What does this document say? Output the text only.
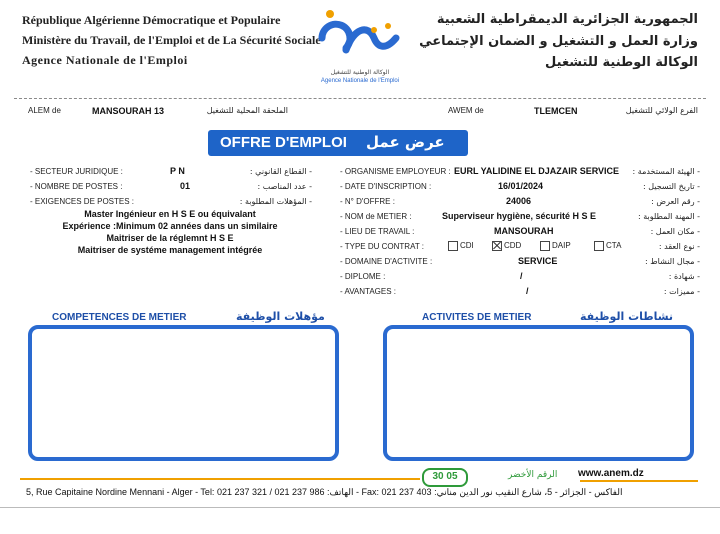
République Algérienne Démocratique et Populaire
Ministère du Travail, de l'Emploi et de La Sécurité Sociale
Agence Nationale de l'Emploi
الجمهورية الجزائرية الديمقراطية الشعبية
وزارة العمل و التشغيل و الضمان الإجتماعي
الوكالة الوطنية للتشغيل
الوكالة الوطنية للتشغيل
Agence Nationale de l'Emploi
ALEM de	MANSOURAH 13	الملحقة المحلية للتشغيل	AWEM de	TLEMCEN	الفرع الولائي للتشغيل
OFFRE D'EMPLOI عرض عمل
- SECTEUR JURIDIQUE :	P N	- القطاع القانوني :
- NOMBRE DE POSTES :	01	- عدد المناصب :
- EXIGENCES DE POSTES :	- المؤهلات المطلوبة :
Master Ingénieur en H S E ou équivalant
Expérience :Minimum 02 années dans un similaire
Maitriser de la réglemnt H S E
Maitriser de systéme management intégrée
- ORGANISME EMPLOYEUR : EURL YALIDINE EL DJAZAIR SERVICE - الهيئة المستخدمة :
- DATE D'INSCRIPTION :	16/01/2024	- تاريخ التسجيل :
- N° D'OFFRE :	24006	- رقم العرض :
- NOM de METIER :	Superviseur hygiène, sécurité H S E	- المهنة المطلوبة :
- LIEU DE TRAVAIL :	MANSOURAH	- مكان العمل :
- TYPE DU CONTRAT :	CDI	CDD	DAIP	CTA	- نوع العقد :
- DOMAINE D'ACTIVITE :	SERVICE	- مجال النشاط :
- DIPLOME :	/	- شهادة :
- AVANTAGES :	/	- مميزات :
COMPETENCES DE METIER	مؤهلات الوظيفة	ACTIVITES DE METIER	نشاطات الوظيفة
30 05	الرقم الأخضر www.anem.dz
5, Rue Capitaine Nordine Mennani - Alger - Tel: 021 237 321 / 021 237 986 :الهاتف - Fax: 021 237 403 :الفاكس - الجزائر - 5، شارع النقيب نور الدين مناني
